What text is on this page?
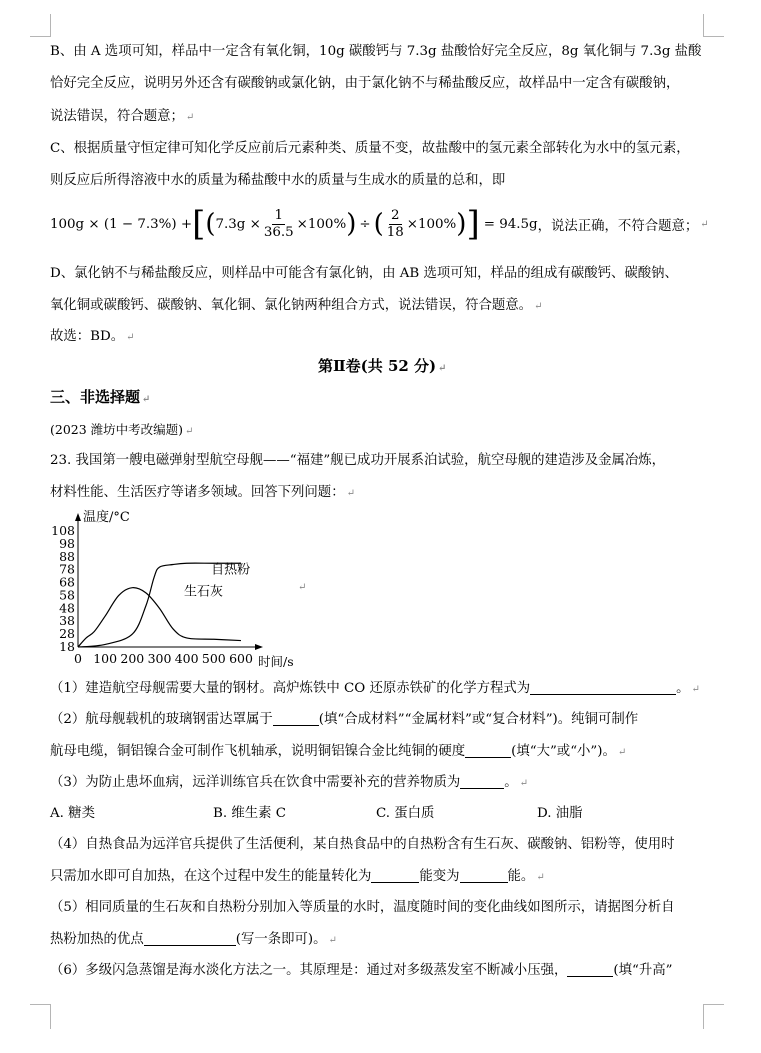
B、由 A 选项可知，样品中一定含有氧化铜，10g 碳酸钙与 7.3g 盐酸恰好完全反应，8g 氧化铜与 7.3g 盐酸
恰好完全反应，说明另外还含有碳酸钠或氯化钠，由于氯化钠不与稀盐酸反应，故样品中一定含有碳酸钠，
说法错误，符合题意； ↵
C、根据质量守恒定律可知化学反应前后元素种类、质量不变，故盐酸中的氢元素全部转化为水中的氢元素，
则反应后所得溶液中水的质量为稀盐酸中水的质量与生成水的质量的总和，即
100g × (1 − 7.3%) + [ ( $7.3g \times \frac{1}{36.5} \times 100\%$ ) ÷ ( $\frac{2}{18} \times 100\%$ ) ] = 94.5g ，说法正确，不符合题意； ↵
D、氯化钠不与稀盐酸反应，则样品中可能含有氯化钠，由 AB 选项可知，样品的组成有碳酸钙、碳酸钠、
氧化铜或碳酸钙、碳酸钠、氧化铜、氯化钠两种组合方式，说法错误，符合题意。 ↵
故选：BD。 ↵
第Ⅱ卷(共 52 分) ↵
三、非选择题 ↵
(2023 潍坊中考改编题) ↵
23. 我国第一艘电磁弹射型航空母舰——“福建”舰已成功开展系泊试验，航空母舰的建造涉及金属冶炼，
材料性能、生活医疗等诸多领域。回答下列问题： ↵
18
28
38
48
58
68
78
88
98
108
0 100 200 300 400 500 600
温度/°C
时间/s
自热粉
生石灰	↵
（1）建造航空母舰需要大量的钢材。高炉炼铁中 CO 还原赤铁矿的化学方程式为	。 ↵
（2）航母舰载机的玻璃钢雷达罩属于	(填“合成材料”“金属材料”或“复合材料”)。纯铜可制作
航母电缆，铜铝镍合金可制作飞机轴承，说明铜铝镍合金比纯铜的硬度	(填“大”或“小”)。 ↵
（3）为防止患坏血病，远洋训练官兵在饮食中需要补充的营养物质为	。 ↵
A. 糖类	B. 维生素 C	C. 蛋白质	D. 油脂
（4）自热食品为远洋官兵提供了生活便利，某自热食品中的自热粉含有生石灰、碳酸钠、铝粉等，使用时
只需加水即可自加热，在这个过程中发生的能量转化为	能变为	能。 ↵
（5）相同质量的生石灰和自热粉分别加入等质量的水时，温度随时间的变化曲线如图所示，请据图分析自
热粉加热的优点	(写一条即可)。 ↵
（6）多级闪急蒸馏是海水淡化方法之一。其原理是：通过对多级蒸发室不断减小压强，	(填“升高”
